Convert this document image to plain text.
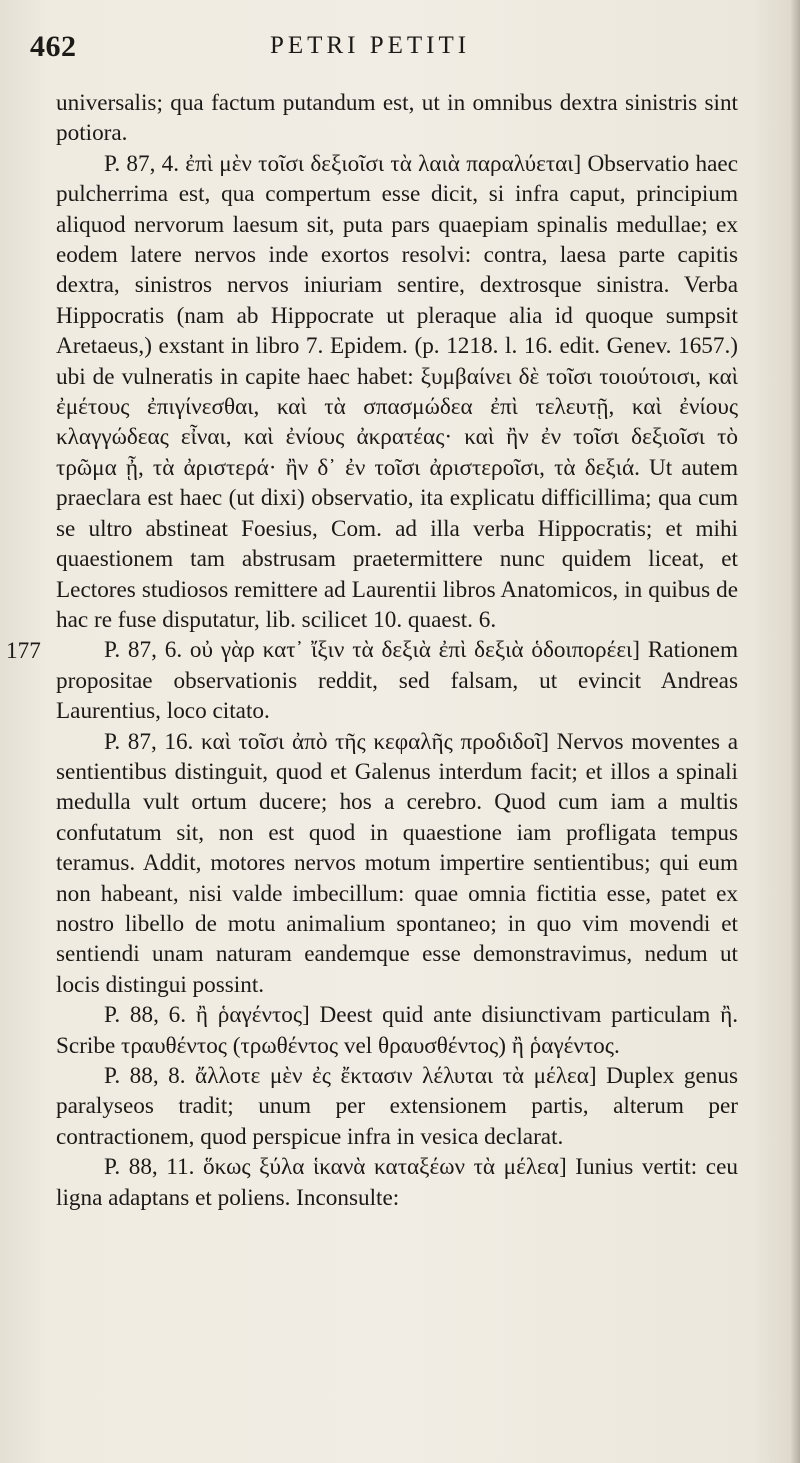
462	PETRI PETITI
177

universalis; qua factum putandum est, ut in omnibus dextra sinistris sint potiora.

P. 87, 4. ἐπὶ μὲν τοῖσι δεξιοῖσι τὰ λαιὰ παραλύεται] Observatio haec pulcherrima est, qua compertum esse dicit, si infra caput, principium aliquod nervorum laesum sit, puta pars quaepiam spinalis medullae; ex eodem latere nervos inde exortos resolvi: contra, laesa parte capitis dextra, sinistros nervos iniuriam sentire, dextrosque sinistra. Verba Hippocratis (nam ab Hippocrate ut pleraque alia id quoque sumpsit Aretaeus,) exstant in libro 7. Epidem. (p. 1218. l. 16. edit. Genev. 1657.) ubi de vulneratis in capite haec habet: ξυμβαίνει δὲ τοῖσι τοιούτοισι, καὶ ἐμέτους ἐπιγίνεσθαι, καὶ τὰ σπασμώδεα ἐπὶ τελευτῇ, καὶ ἐνίους κλαγγώδεας εἶναι, καὶ ἐνίους ἀκρατέας· καὶ ἢν ἐν τοῖσι δεξιοῖσι τὸ τρῶμα ᾖ, τὰ ἀριστερά· ἢν δ᾽ ἐν τοῖσι ἀριστεροῖσι, τὰ δεξιά. Ut autem praeclara est haec (ut dixi) observatio, ita explicatu difficillima; qua cum se ultro abstineat Foesius, Com. ad illa verba Hippocratis; et mihi quaestionem tam abstrusam praetermittere nunc quidem liceat, et Lectores studiosos remittere ad Laurentii libros Anatomicos, in quibus de hac re fuse disputatur, lib. scilicet 10. quaest. 6.

P. 87, 6. οὐ γὰρ κατ᾽ ἴξιν τὰ δεξιὰ ἐπὶ δεξιὰ ὁδοιπορέει] Rationem propositae observationis reddit, sed falsam, ut evincit Andreas Laurentius, loco citato.

P. 87, 16. καὶ τοῖσι ἀπὸ τῆς κεφαλῆς προδιδοῖ] Nervos moventes a sentientibus distinguit, quod et Galenus interdum facit; et illos a spinali medulla vult ortum ducere; hos a cerebro. Quod cum iam a multis confutatum sit, non est quod in quaestione iam profligata tempus teramus. Addit, motores nervos motum impertire sentientibus; qui eum non habeant, nisi valde imbecillum: quae omnia fictitia esse, patet ex nostro libello de motu animalium spontaneo; in quo vim movendi et sentiendi unam naturam eandemque esse demonstravimus, nedum ut locis distingui possint.

P. 88, 6. ἢ ῥαγέντος] Deest quid ante disiunctivam particulam ἢ. Scribe τραυθέντος (τρωθέντος vel θραυσθέντος) ἢ ῥαγέντος.

P. 88, 8. ἄλλοτε μὲν ἐς ἔκτασιν λέλυται τὰ μέλεα] Duplex genus paralyseos tradit; unum per extensionem partis, alterum per contractionem, quod perspicue infra in vesica declarat.

P. 88, 11. ὅκως ξύλα ἱκανὰ καταξέων τὰ μέλεα] Iunius vertit: ceu ligna adaptans et poliens. Inconsulte:
